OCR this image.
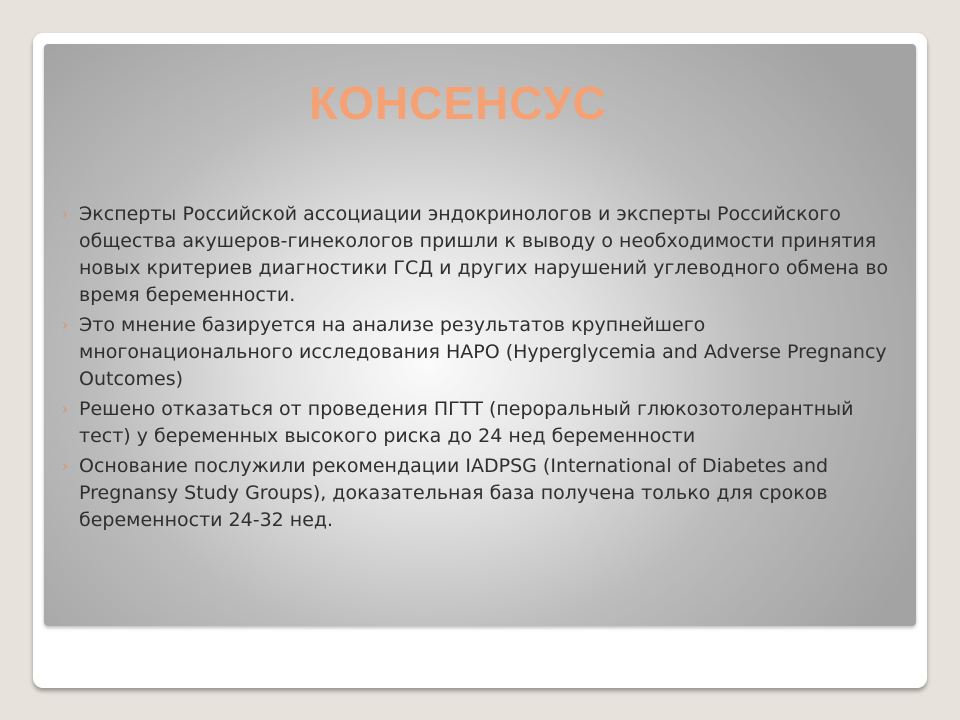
КОНСЕНСУС
› Эксперты Российской ассоциации эндокринологов и эксперты Российского общества акушеров-гинекологов пришли к выводу о необходимости принятия новых критериев диагностики ГСД и других нарушений углеводного обмена во время беременности.
› Это мнение базируется на анализе результатов крупнейшего многонационального исследования НАРО (Hyperglycemia and Adverse Pregnancy Outcomes)
› Решено отказаться от проведения ПГТТ (пероральный глюкозотолерантный тест) у беременных высокого риска до 24 нед беременности
› Основание послужили рекомендации IADPSG (International of Diabetes and Pregnansy Study Groups), доказательная база получена только для сроков беременности 24-32 нед.
